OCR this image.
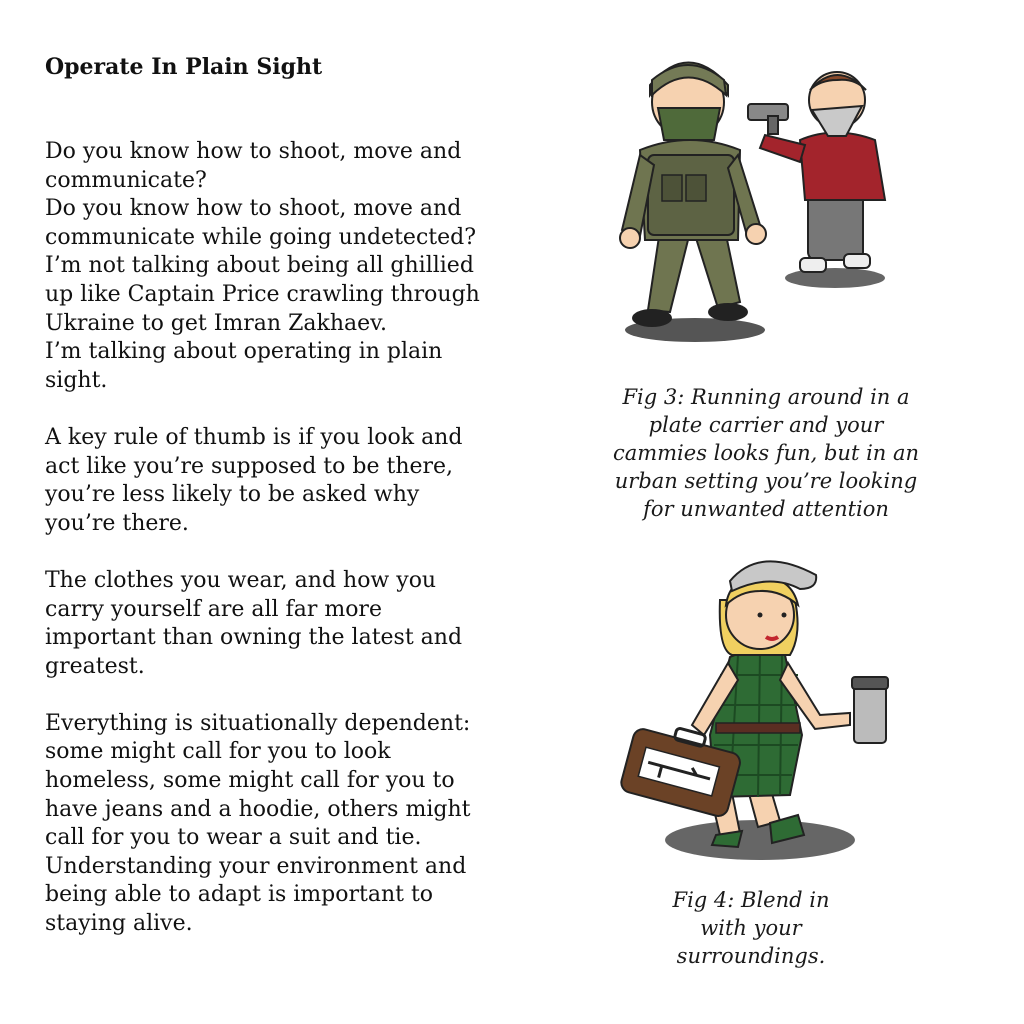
Operate In Plain Sight
Do you know how to shoot, move and
communicate?
Do you know how to shoot, move and
communicate while going undetected?
I’m not talking about being all ghillied
up like Captain Price crawling through
Ukraine to get Imran Zakhaev.
I’m talking about operating in plain
sight.
A key rule of thumb is if you look and
act like you’re supposed to be there,
you’re less likely to be asked why
you’re there.
The clothes you wear, and how you
carry yourself are all far more
important than owning the latest and
greatest.
Everything is situationally dependent:
some might call for you to look
homeless, some might call for you to
have jeans and a hoodie, others might
call for you to wear a suit and tie.
Understanding your environment and
being able to adapt is important to
staying alive.
Fig 3: Running around in a
plate carrier and your
cammies looks fun, but in an
urban setting you’re looking
for unwanted attention
Fig 4: Blend in
with your
surroundings.
